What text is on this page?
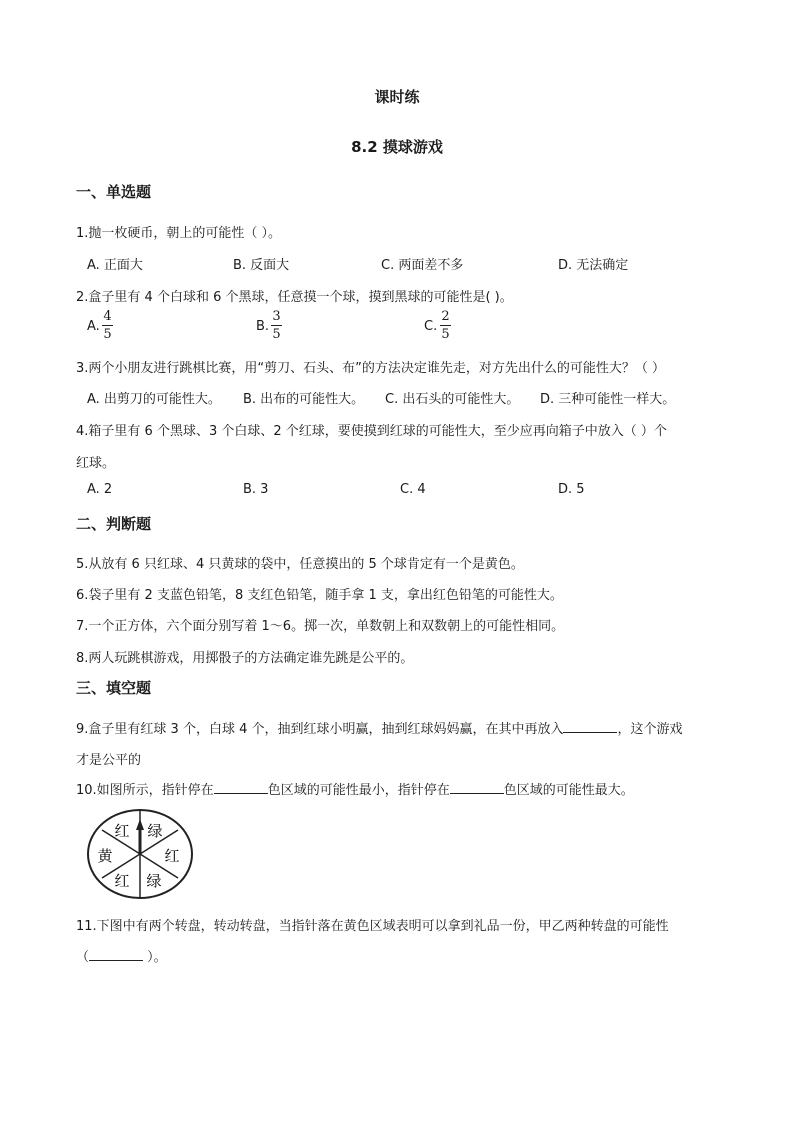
课时练
8.2 摸球游戏
一、单选题
1.抛一枚硬币，朝上的可能性（ ）。
A. 正面大	B. 反面大	C. 两面差不多	D. 无法确定
2.盒子里有 4 个白球和 6 个黑球，任意摸一个球，摸到黑球的可能性是( )。
A.
4
5
B.
3
5
C.
2
5
3.两个小朋友进行跳棋比赛，用“剪刀、石头、布”的方法决定谁先走，对方先出什么的可能性大？（ ）
A. 出剪刀的可能性大。 B. 出布的可能性大。 C. 出石头的可能性大。 D. 三种可能性一样大。
4.箱子里有 6 个黑球、3 个白球、2 个红球，要使摸到红球的可能性大，至少应再向箱子中放入（ ）个
红球。
A. 2	B. 3	C. 4	D. 5
二、判断题
5.从放有 6 只红球、4 只黄球的袋中，任意摸出的 5 个球肯定有一个是黄色。
6.袋子里有 2 支蓝色铅笔，8 支红色铅笔，随手拿 1 支，拿出红色铅笔的可能性大。
7.一个正方体，六个面分别写着 1～6。掷一次，单数朝上和双数朝上的可能性相同。
8.两人玩跳棋游戏，用掷骰子的方法确定谁先跳是公平的。
三、填空题
9.盒子里有红球 3 个，白球 4 个，抽到红球小明赢，抽到红球妈妈赢，在其中再放入	，这个游戏
才是公平的
10.如图所示，指针停在	色区域的可能性最小，指针停在	色区域的可能性最大。
红 绿
红
绿
红
黄
11.下图中有两个转盘，转动转盘，当指针落在黄色区域表明可以拿到礼品一份，甲乙两种转盘的可能性
（	）。
